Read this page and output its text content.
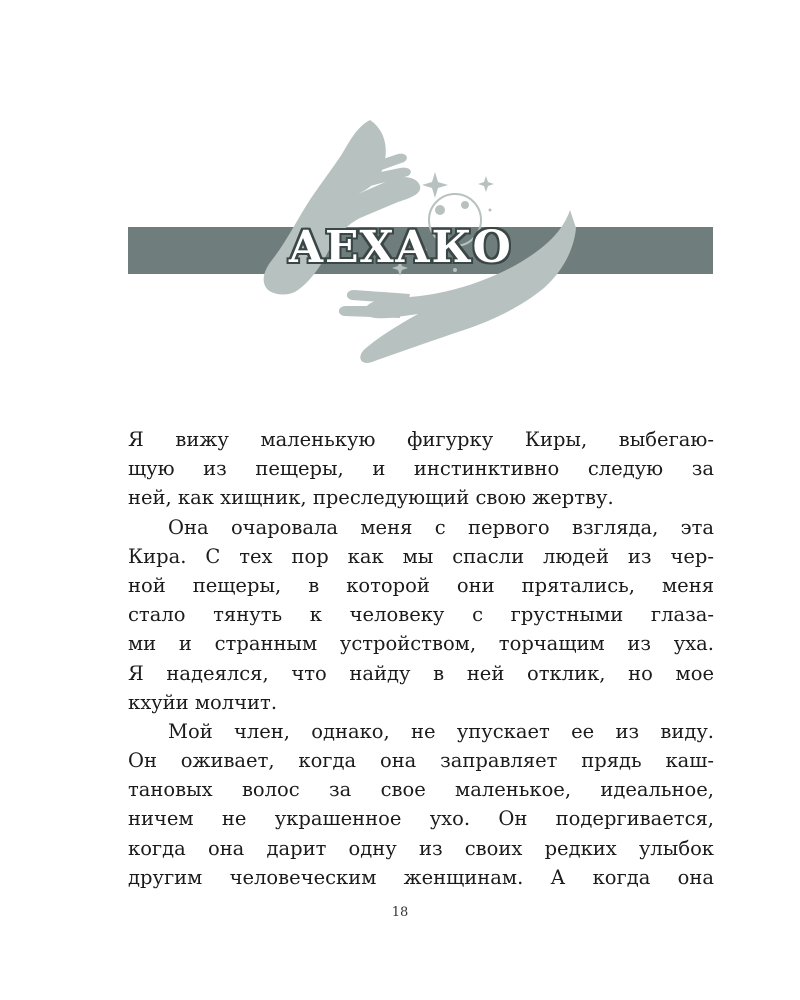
АЕХАКО
Я вижу маленькую фигурку Киры, выбегаю-
щую из пещеры, и инстинктивно следую за
ней, как хищник, преследующий свою жертву.
Она очаровала меня с первого взгляда, эта
Кира. С тех пор как мы спасли людей из чер-
ной пещеры, в которой они прятались, меня
стало тянуть к человеку с грустными глаза-
ми и странным устройством, торчащим из уха.
Я надеялся, что найду в ней отклик, но мое
кхуйи молчит.
Мой член, однако, не упускает ее из виду.
Он оживает, когда она заправляет прядь каш-
тановых волос за свое маленькое, идеальное,
ничем не украшенное ухо. Он подергивается,
когда она дарит одну из своих редких улыбок
другим человеческим женщинам. А когда она
18
